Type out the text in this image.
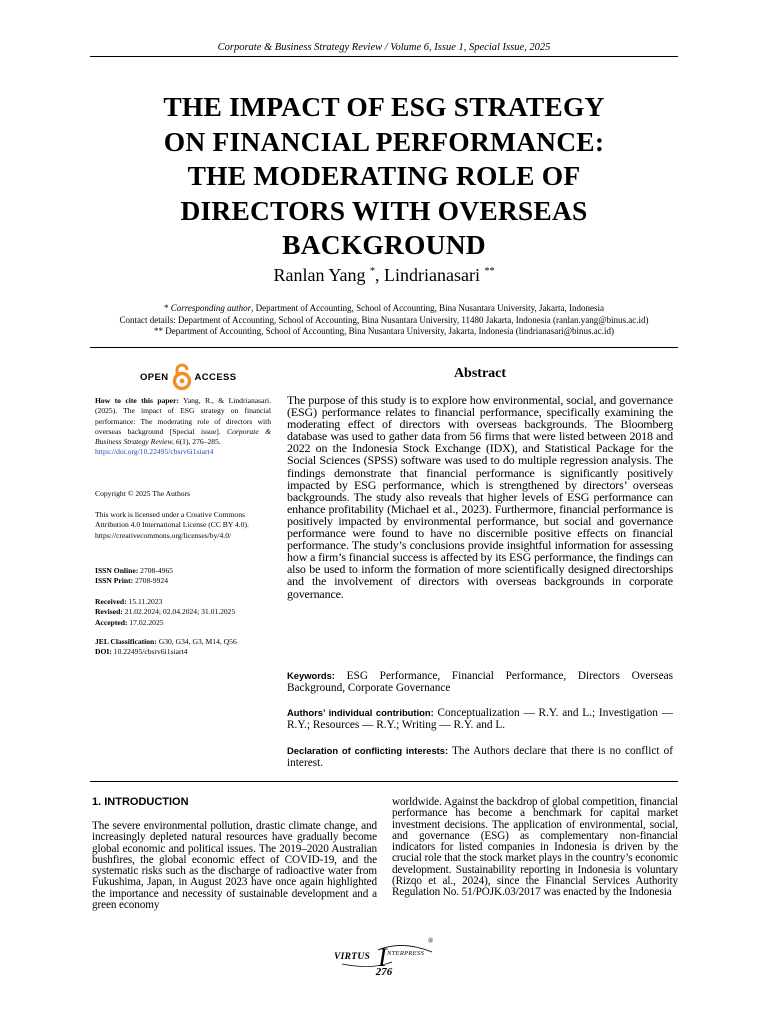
Corporate & Business Strategy Review / Volume 6, Issue 1, Special Issue, 2025
THE IMPACT OF ESG STRATEGY
ON FINANCIAL PERFORMANCE:
THE MODERATING ROLE OF
DIRECTORS WITH OVERSEAS
BACKGROUND
Ranlan Yang *, Lindrianasari **
* Corresponding author, Department of Accounting, School of Accounting, Bina Nusantara University, Jakarta, Indonesia
Contact details: Department of Accounting, School of Accounting, Bina Nusantara University, 11480 Jakarta, Indonesia (ranlan.yang@binus.ac.id)
** Department of Accounting, School of Accounting, Bina Nusantara University, Jakarta, Indonesia (lindrianasari@binus.ac.id)
OPEN	ACCESS

How to cite this paper: Yang, R., & Lindrianasari. (2025). The impact of ESG strategy on financial performance: The moderating role of directors with overseas background [Special issue]. Corporate & Business Strategy Review, 6(1), 276–285.
https://doi.org/10.22495/cbsrv6i1siart4

Copyright © 2025 The Authors

This work is licensed under a Creative Commons Attribution 4.0 International License (CC BY 4.0). https://creativecommons.org/licenses/by/4.0/

ISSN Online: 2708-4965
ISSN Print: 2708-9924
Received: 15.11.2023
Revised: 21.02.2024; 02.04.2024; 31.01.2025
Accepted: 17.02.2025
JEL Classification: G30, G34, G3, M14, Q56
DOI: 10.22495/cbsrv6i1siart4
Abstract
The purpose of this study is to explore how environmental, social, and governance (ESG) performance relates to financial performance, specifically examining the moderating effect of directors with overseas backgrounds. The Bloomberg database was used to gather data from 56 firms that were listed between 2018 and 2022 on the Indonesia Stock Exchange (IDX), and Statistical Package for the Social Sciences (SPSS) software was used to do multiple regression analysis. The findings demonstrate that financial performance is significantly positively impacted by ESG performance, which is strengthened by directors’ overseas backgrounds. The study also reveals that higher levels of ESG performance can enhance profitability (Michael et al., 2023). Furthermore, financial performance is positively impacted by environmental performance, but social and governance performance were found to have no discernible positive effects on financial performance. The study’s conclusions provide insightful information for assessing how a firm’s financial success is affected by its ESG performance, the findings can also be used to inform the formation of more scientifically designed directorships and the involvement of directors with overseas backgrounds in corporate governance.
Keywords: ESG Performance, Financial Performance, Directors Overseas Background, Corporate Governance
Authors’ individual contribution: Conceptualization — R.Y. and L.; Investigation — R.Y.; Resources — R.Y.; Writing — R.Y. and L.
Declaration of conflicting interests: The Authors declare that there is no conflict of interest.
1. INTRODUCTION

The severe environmental pollution, drastic climate change, and increasingly depleted natural resources have gradually become global economic and political issues. The 2019–2020 Australian bushfires, the global economic effect of COVID-19, and the systematic risks such as the discharge of radioactive water from Fukushima, Japan, in August 2023 have once again highlighted the importance and necessity of sustainable development and a green economy

worldwide. Against the backdrop of global competition, financial performance has become a benchmark for capital market investment decisions. The application of environmental, social, and governance (ESG) as complementary non-financial indicators for listed companies in Indonesia is driven by the crucial role that the stock market plays in the country’s economic development. Sustainability reporting in Indonesia is voluntary (Rizqo et al., 2024), since the Financial Services Authority Regulation No. 51/POJK.03/2017 was enacted by the Indonesia

VIRTUS I NTERPRESS
®
276
